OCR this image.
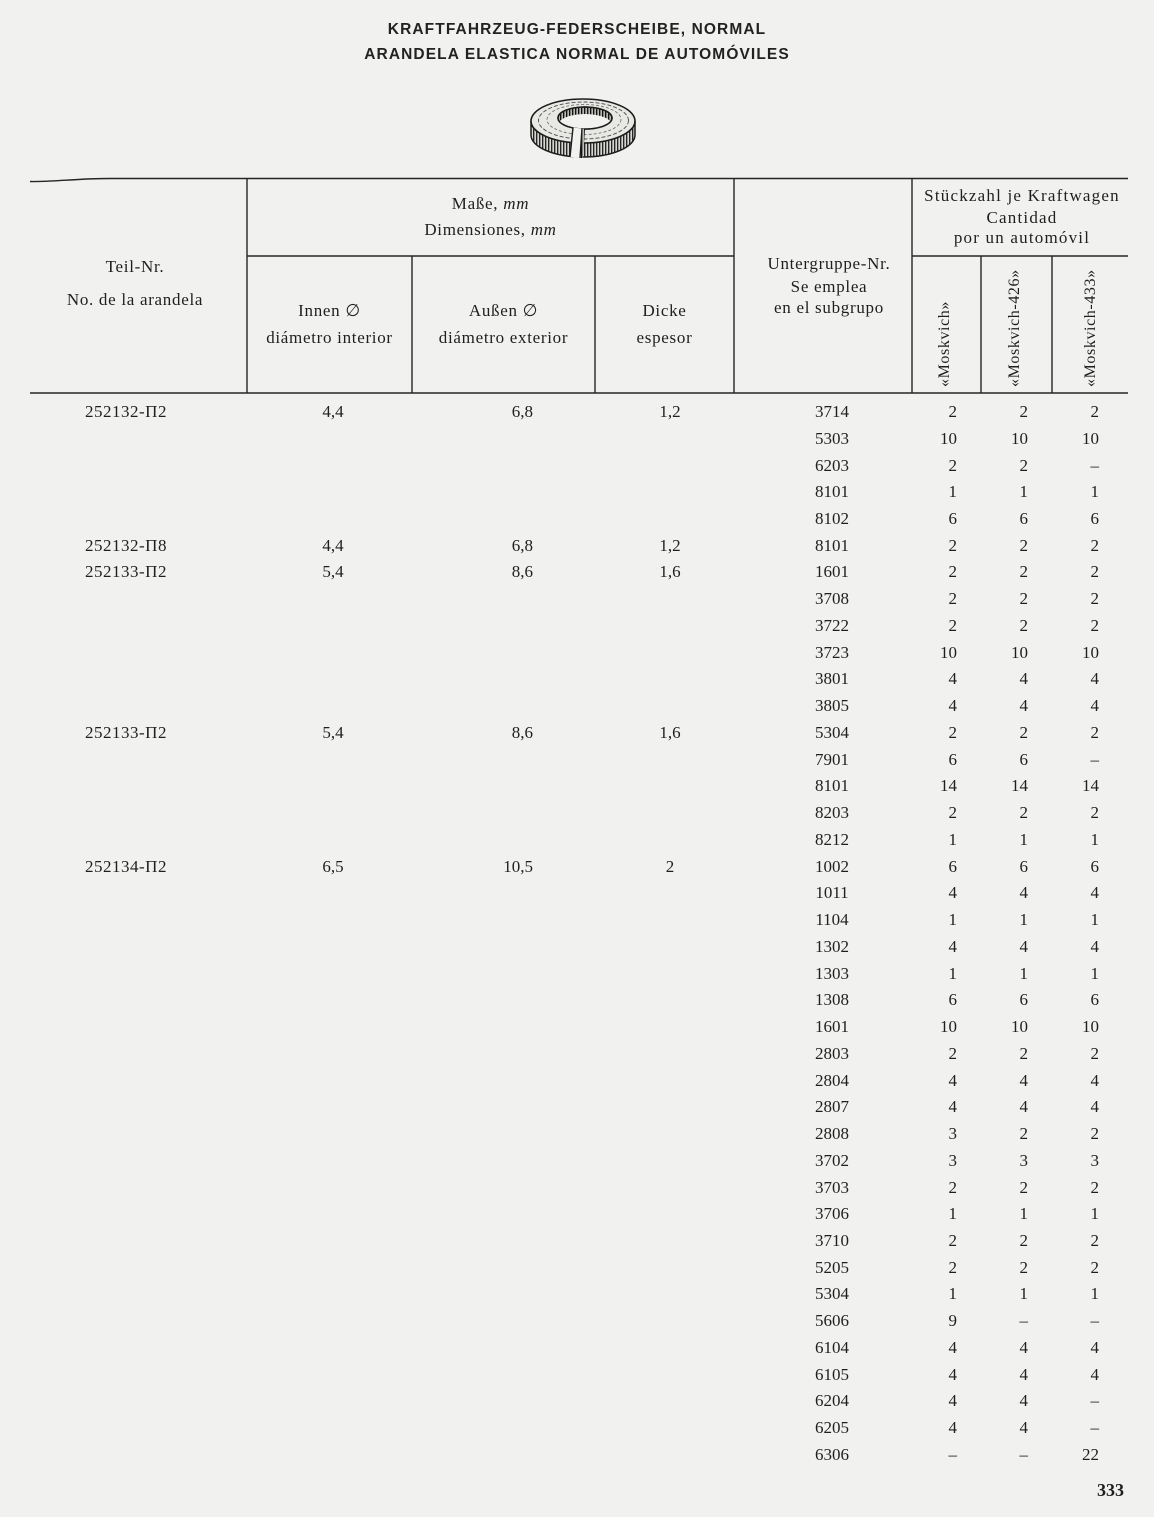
KRAFTFAHRZEUG-FEDERSCHEIBE, NORMAL
ARANDELA ELASTICA NORMAL DE AUTOMÓVILES
Teil-Nr.
No. de la arandela
Maße, mm
Dimensiones, mm
Innen ∅
diámetro interior
Außen ∅
diámetro exterior
Dicke
espesor
Untergruppe-Nr.
Se emplea
en el subgrupo
Stückzahl je Kraftwagen
Cantidad
por un automóvil
«Moskvich»	«Moskvich-426»	«Moskvich-433»
252132-П2	4,4	6,8	1,2	3714	2	2	2
5303	10	10	10
6203	2	2	–
8101	1	1	1
8102	6	6	6
252132-П8	4,4	6,8	1,2	8101	2	2	2
252133-П2	5,4	8,6	1,6	1601	2	2	2
3708	2	2	2
3722	2	2	2
3723	10	10	10
3801	4	4	4
3805	4	4	4
252133-П2	5,4	8,6	1,6	5304	2	2	2
7901	6	6	–
8101	14	14	14
8203	2	2	2
8212	1	1	1
252134-П2	6,5	10,5	2	1002	6	6	6
1011	4	4	4
1104	1	1	1
1302	4	4	4
1303	1	1	1
1308	6	6	6
1601	10	10	10
2803	2	2	2
2804	4	4	4
2807	4	4	4
2808	3	2	2
3702	3	3	3
3703	2	2	2
3706	1	1	1
3710	2	2	2
5205	2	2	2
5304	1	1	1
5606	9	–	–
6104	4	4	4
6105	4	4	4
6204	4	4	–
6205	4	4	–
6306	–	–	22
333
